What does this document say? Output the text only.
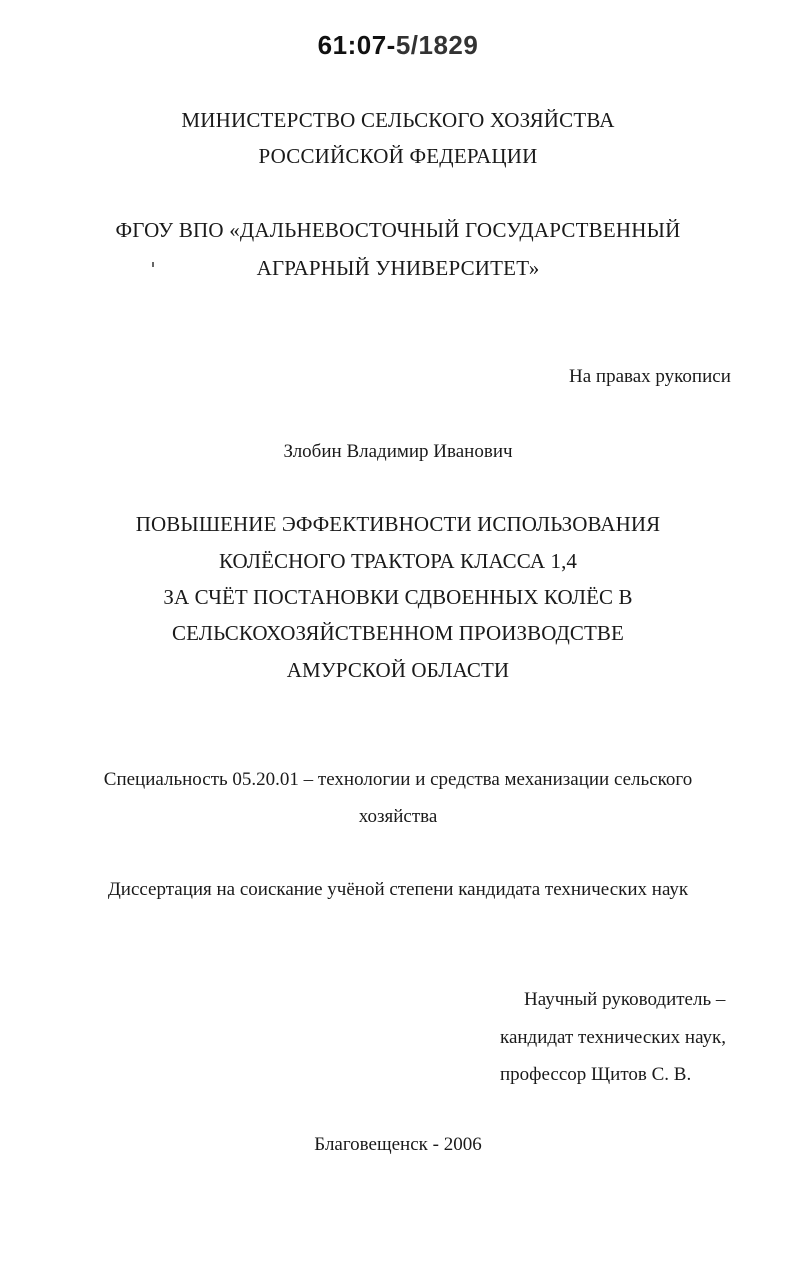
61:07-5/1829
МИНИСТЕРСТВО СЕЛЬСКОГО ХОЗЯЙСТВА
РОССИЙСКОЙ ФЕДЕРАЦИИ
ФГОУ ВПО «ДАЛЬНЕВОСТОЧНЫЙ ГОСУДАРСТВЕННЫЙ
АГРАРНЫЙ УНИВЕРСИТЕТ»
На правах рукописи
Злобин Владимир Иванович
ПОВЫШЕНИЕ ЭФФЕКТИВНОСТИ ИСПОЛЬЗОВАНИЯ
КОЛЁСНОГО ТРАКТОРА КЛАССА 1,4
ЗА СЧЁТ ПОСТАНОВКИ СДВОЕННЫХ КОЛЁС В
СЕЛЬСКОХОЗЯЙСТВЕННОМ ПРОИЗВОДСТВЕ
АМУРСКОЙ ОБЛАСТИ
Специальность 05.20.01 – технологии и средства механизации сельского
хозяйства
Диссертация на соискание учёной степени кандидата технических наук
Научный руководитель –
кандидат технических наук,
профессор Щитов С. В.
Благовещенск - 2006
